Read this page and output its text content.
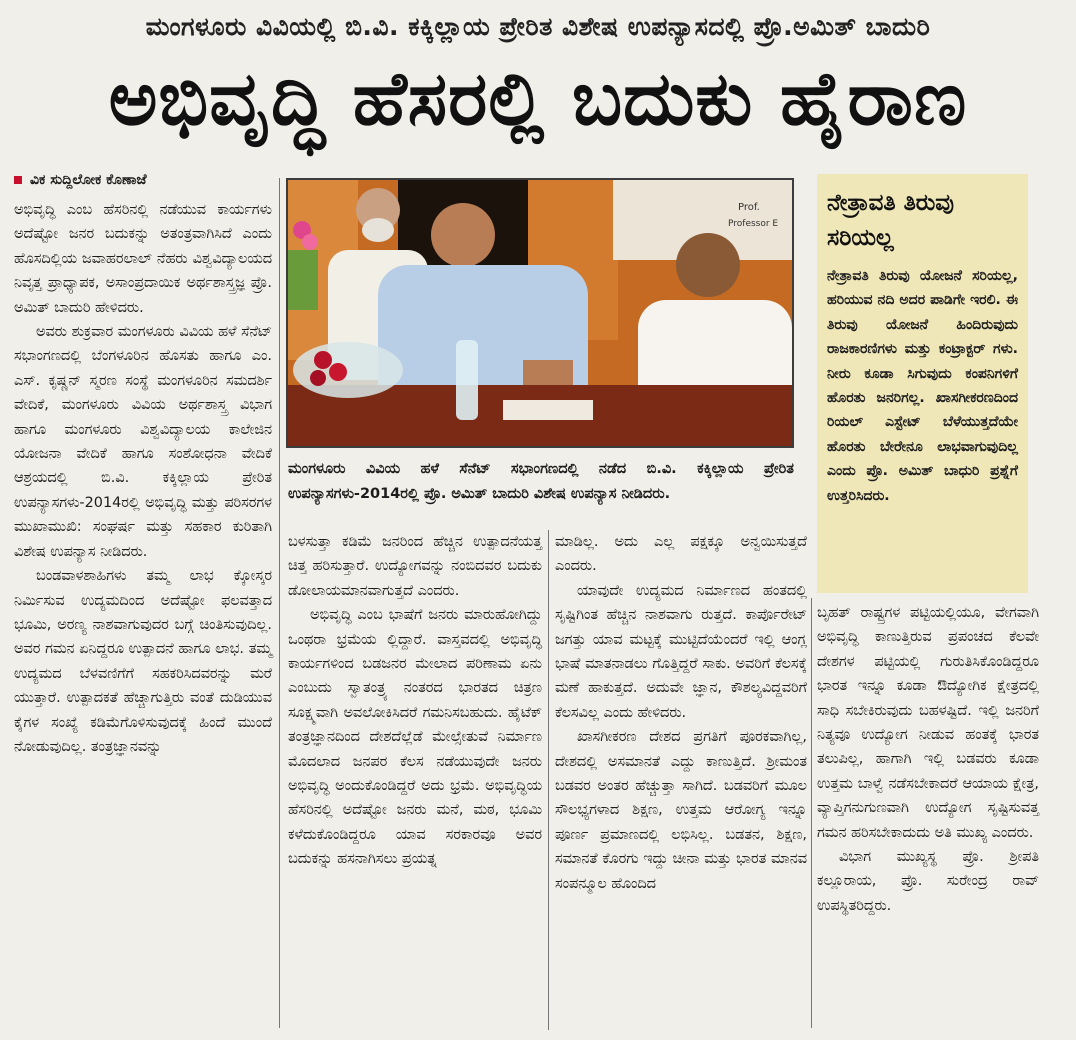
ಮಂಗಳೂರು ವಿವಿಯಲ್ಲಿ ಬಿ.ವಿ. ಕಕ್ಕಿಲ್ಲಾಯ ಪ್ರೇರಿತ ವಿಶೇಷ ಉಪನ್ಯಾಸದಲ್ಲಿ ಪ್ರೊ.ಅಮಿತ್ ಬಾದುರಿ
ಅಭಿವೃದ್ಧಿ ಹೆಸರಲ್ಲಿ ಬದುಕು ಹೈರಾಣ
ವಿಕ ಸುದ್ದಿಲೋಕ ಕೊಣಾಜೆ

ಅಭಿವೃದ್ಧಿ ಎಂಬ ಹೆಸರಿನಲ್ಲಿ ನಡೆಯುವ ಕಾರ್ಯಗಳು ಅದೆಷ್ಟೋ ಜನರ ಬದುಕನ್ನು ಅತಂತ್ರವಾಗಿಸಿದೆ ಎಂದು ಹೊಸದಿಲ್ಲಿಯ ಜವಾಹರಲಾಲ್ ನೆಹರು ವಿಶ್ವವಿದ್ಯಾಲಯದ ನಿವೃತ್ತ ಪ್ರಾಧ್ಯಾಪಕ, ಅಸಾಂಪ್ರದಾಯಿಕ ಅರ್ಥಶಾಸ್ತ್ರಜ್ಞ ಪ್ರೊ. ಅಮಿತ್ ಬಾದುರಿ ಹೇಳಿದರು.

ಅವರು ಶುಕ್ರವಾರ ಮಂಗಳೂರು ವಿವಿಯ ಹಳೆ ಸೆನೆಟ್ ಸಭಾಂಗಣದಲ್ಲಿ ಬೆಂಗಳೂರಿನ ಹೊಸತು ಹಾಗೂ ಎಂ. ಎಸ್. ಕೃಷ್ಣನ್ ಸ್ಮರಣ ಸಂಸ್ಥೆ ಮಂಗಳೂರಿನ ಸಮದರ್ಶಿ ವೇದಿಕೆ, ಮಂಗಳೂರು ವಿವಿಯ ಅರ್ಥಶಾಸ್ತ್ರ ವಿಭಾಗ ಹಾಗೂ ಮಂಗಳೂರು ವಿಶ್ವವಿದ್ಯಾಲಯ ಕಾಲೇಜಿನ ಯೋಜನಾ ವೇದಿಕೆ ಹಾಗೂ ಸಂಶೋಧನಾ ವೇದಿಕೆ ಆಶ್ರಯದಲ್ಲಿ ಬಿ.ವಿ. ಕಕ್ಕಿಲ್ಲಾಯ ಪ್ರೇರಿತ ಉಪನ್ಯಾಸಗಳು-2014ರಲ್ಲಿ ಅಭಿವೃದ್ಧಿ ಮತ್ತು ಪರಿಸರಗಳ ಮುಖಾಮುಖಿ: ಸಂಘರ್ಷ ಮತ್ತು ಸಹಕಾರ ಕುರಿತಾಗಿ ವಿಶೇಷ ಉಪನ್ಯಾಸ ನೀಡಿದರು.

ಬಂಡವಾಳಶಾಹಿಗಳು ತಮ್ಮ ಲಾಭ ಕ್ಕೋಸ್ಕರ ನಿರ್ಮಿಸುವ ಉದ್ಯಮದಿಂದ ಅದೆಷ್ಟೋ ಫಲವತ್ತಾದ ಭೂಮಿ, ಅರಣ್ಯ ನಾಶವಾಗುವುದರ ಬಗ್ಗೆ ಚಿಂತಿಸುವುದಿಲ್ಲ. ಅವರ ಗಮನ ಏನಿದ್ದರೂ ಉತ್ಪಾದನೆ ಹಾಗೂ ಲಾಭ. ತಮ್ಮ ಉದ್ಯಮದ ಬೆಳವಣಿಗೆಗೆ ಸಹಕರಿಸಿದವರನ್ನು ಮರೆ ಯುತ್ತಾರೆ. ಉತ್ಪಾದಕತೆ ಹೆಚ್ಚಾಗುತ್ತಿರು ವಂತೆ ದುಡಿಯುವ ಕೈಗಳ ಸಂಖ್ಯೆ ಕಡಿಮೆಗೊಳಿಸುವುದಕ್ಕೆ ಹಿಂದೆ ಮುಂದೆ ನೋಡುವುದಿಲ್ಲ. ತಂತ್ರಜ್ಞಾನವನ್ನು

Prof.
Professor E
ಮಂಗಳೂರು ವಿವಿಯ ಹಳೆ ಸೆನೆಟ್ ಸಭಾಂಗಣದಲ್ಲಿ ನಡೆದ ಬಿ.ವಿ. ಕಕ್ಕಿಲ್ಲಾಯ ಪ್ರೇರಿತ ಉಪನ್ಯಾಸಗಳು-2014ರಲ್ಲಿ ಪ್ರೊ. ಅಮಿತ್ ಬಾದುರಿ ವಿಶೇಷ ಉಪನ್ಯಾಸ ನೀಡಿದರು.
ನೇತ್ರಾವತಿ ತಿರುವು ಸರಿಯಲ್ಲ

ನೇತ್ರಾವತಿ ತಿರುವು ಯೋಜನೆ ಸರಿಯಲ್ಲ, ಹರಿಯುವ ನದಿ ಅದರ ಪಾಡಿಗೇ ಇರಲಿ. ಈ ತಿರುವು ಯೋಜನೆ ಹಿಂದಿರುವುದು ರಾಜಕಾರಣಿಗಳು ಮತ್ತು ಕಂಟ್ರಾಕ್ಟರ್ ಗಳು. ನೀರು ಕೂಡಾ ಸಿಗುವುದು ಕಂಪನಿಗಳಿಗೆ ಹೊರತು ಜನರಿಗಲ್ಲ. ಖಾಸಗೀಕರಣದಿಂದ ರಿಯಲ್ ಎಸ್ಟೇಟ್ ಬೆಳೆಯುತ್ತದೆಯೇ ಹೊರತು ಬೇರೇನೂ ಲಾಭವಾಗುವುದಿಲ್ಲ ಎಂದು ಪ್ರೊ. ಅಮಿತ್ ಬಾಧುರಿ ಪ್ರಶ್ನೆಗೆ ಉತ್ತರಿಸಿದರು.

ಬಳಸುತ್ತಾ ಕಡಿಮೆ ಜನರಿಂದ ಹೆಚ್ಚಿನ ಉತ್ಪಾದನೆಯತ್ತ ಚಿತ್ತ ಹರಿಸುತ್ತಾರೆ. ಉದ್ಯೋಗವನ್ನು ನಂಬಿದವರ ಬದುಕು ಡೋಲಾಯಮಾನವಾಗುತ್ತದೆ ಎಂದರು.

ಅಭಿವೃದ್ಧಿ ಎಂಬ ಭಾಷೆಗೆ ಜನರು ಮಾರುಹೋಗಿದ್ದು ಒಂಥರಾ ಭ್ರಮೆಯ ಲ್ಲಿದ್ದಾರೆ. ವಾಸ್ತವದಲ್ಲಿ ಅಭಿವೃದ್ಧಿ ಕಾರ್ಯಗಳಿಂದ ಬಡಜನರ ಮೇಲಾದ ಪರಿಣಾಮ ಏನು ಎಂಬುದು ಸ್ವಾತಂತ್ರ್ಯ ನಂತರದ ಭಾರತದ ಚಿತ್ರಣ ಸೂಕ್ಷ್ಮವಾಗಿ ಅವಲೋಕಿಸಿದರೆ ಗಮನಿಸಬಹುದು. ಹೈಟೆಕ್ ತಂತ್ರಜ್ಞಾನದಿಂದ ದೇಶದೆಲ್ಲೆಡೆ ಮೇಲ್ಸೇತುವೆ ನಿರ್ಮಾಣ ಮೊದಲಾದ ಜನಪರ ಕೆಲಸ ನಡೆಯುವುದೇ ಜನರು ಅಭಿವೃದ್ಧಿ ಅಂದುಕೊಂಡಿದ್ದರೆ ಅದು ಭ್ರಮೆ. ಅಭಿವೃದ್ಧಿಯ ಹೆಸರಿನಲ್ಲಿ ಅದೆಷ್ಟೋ ಜನರು ಮನೆ, ಮಠ, ಭೂಮಿ ಕಳೆದುಕೊಂಡಿದ್ದರೂ ಯಾವ ಸರಕಾರವೂ ಅವರ ಬದುಕನ್ನು ಹಸನಾಗಿಸಲು ಪ್ರಯತ್ನ

ಮಾಡಿಲ್ಲ. ಅದು ಎಲ್ಲ ಪಕ್ಷಕ್ಕೂ ಅನ್ವಯಿಸುತ್ತದೆ ಎಂದರು.

ಯಾವುದೇ ಉದ್ಯಮದ ನಿರ್ಮಾಣದ ಹಂತದಲ್ಲಿ ಸೃಷ್ಟಿಗಿಂತ ಹೆಚ್ಚಿನ ನಾಶವಾಗು ರುತ್ತದೆ. ಕಾರ್ಪೊರೇಟ್ ಜಗತ್ತು ಯಾವ ಮಟ್ಟಕ್ಕೆ ಮುಟ್ಟಿದೆಯೆಂದರೆ ಇಲ್ಲಿ ಆಂಗ್ಲ ಭಾಷೆ ಮಾತನಾಡಲು ಗೊತ್ತಿದ್ದರೆ ಸಾಕು. ಅವರಿಗೆ ಕೆಲಸಕ್ಕೆ ಮಣೆ ಹಾಕುತ್ತದೆ. ಅದುವೇ ಜ್ಞಾನ, ಕೌಶಲ್ಯವಿದ್ದವರಿಗೆ ಕೆಲಸವಿಲ್ಲ ಎಂದು ಹೇಳಿದರು.

ಖಾಸಗೀಕರಣ ದೇಶದ ಪ್ರಗತಿಗೆ ಪೂರಕವಾಗಿಲ್ಲ, ದೇಶದಲ್ಲಿ ಅಸಮಾನತೆ ಎದ್ದು ಕಾಣುತ್ತಿದೆ. ಶ್ರೀಮಂತ ಬಡವರ ಅಂತರ ಹೆಚ್ಚುತ್ತಾ ಸಾಗಿದೆ. ಬಡವರಿಗೆ ಮೂಲ ಸೌಲಭ್ಯಗಳಾದ ಶಿಕ್ಷಣ, ಉತ್ತಮ ಆರೋಗ್ಯ ಇನ್ನೂ ಪೂರ್ಣ ಪ್ರಮಾಣದಲ್ಲಿ ಲಭಿಸಿಲ್ಲ. ಬಡತನ, ಶಿಕ್ಷಣ, ಸಮಾನತೆ ಕೊರಗು ಇದ್ದು ಚೀನಾ ಮತ್ತು ಭಾರತ ಮಾನವ ಸಂಪನ್ಮೂಲ ಹೊಂದಿದ

ಬೃಹತ್ ರಾಷ್ಟ್ರಗಳ ಪಟ್ಟಿಯಲ್ಲಿಯೂ, ವೇಗವಾಗಿ ಅಭಿವೃದ್ಧಿ ಕಾಣುತ್ತಿರುವ ಪ್ರಪಂಚದ ಕೆಲವೇ ದೇಶಗಳ ಪಟ್ಟಿಯಲ್ಲಿ ಗುರುತಿಸಿಕೊಂಡಿದ್ದರೂ ಭಾರತ ಇನ್ನೂ ಕೂಡಾ ಔದ್ಯೋಗಿಕ ಕ್ಷೇತ್ರದಲ್ಲಿ ಸಾಧಿ ಸಬೇಕಿರುವುದು ಬಹಳಷ್ಟಿದೆ. ಇಲ್ಲಿ ಜನರಿಗೆ ನಿತ್ಯವೂ ಉದ್ಯೋಗ ನೀಡುವ ಹಂತಕ್ಕೆ ಭಾರತ ತಲುಪಿಲ್ಲ, ಹಾಗಾಗಿ ಇಲ್ಲಿ ಬಡವರು ಕೂಡಾ ಉತ್ತಮ ಬಾಳ್ವೆ ನಡೆಸಬೇಕಾದರೆ ಆಯಾಯ ಕ್ಷೇತ್ರ, ವ್ಯಾಪ್ತಿಗನುಗುಣವಾಗಿ ಉದ್ಯೋಗ ಸೃಷ್ಟಿಸುವತ್ತ ಗಮನ ಹರಿಸಬೇಕಾದುದು ಅತಿ ಮುಖ್ಯ ಎಂದರು.

ವಿಭಾಗ ಮುಖ್ಯಸ್ಥ ಪ್ರೊ. ಶ್ರೀಪತಿ ಕಲ್ಲೂರಾಯ, ಪ್ರೊ. ಸುರೇಂದ್ರ ರಾವ್ ಉಪಸ್ಥಿತರಿದ್ದರು.
